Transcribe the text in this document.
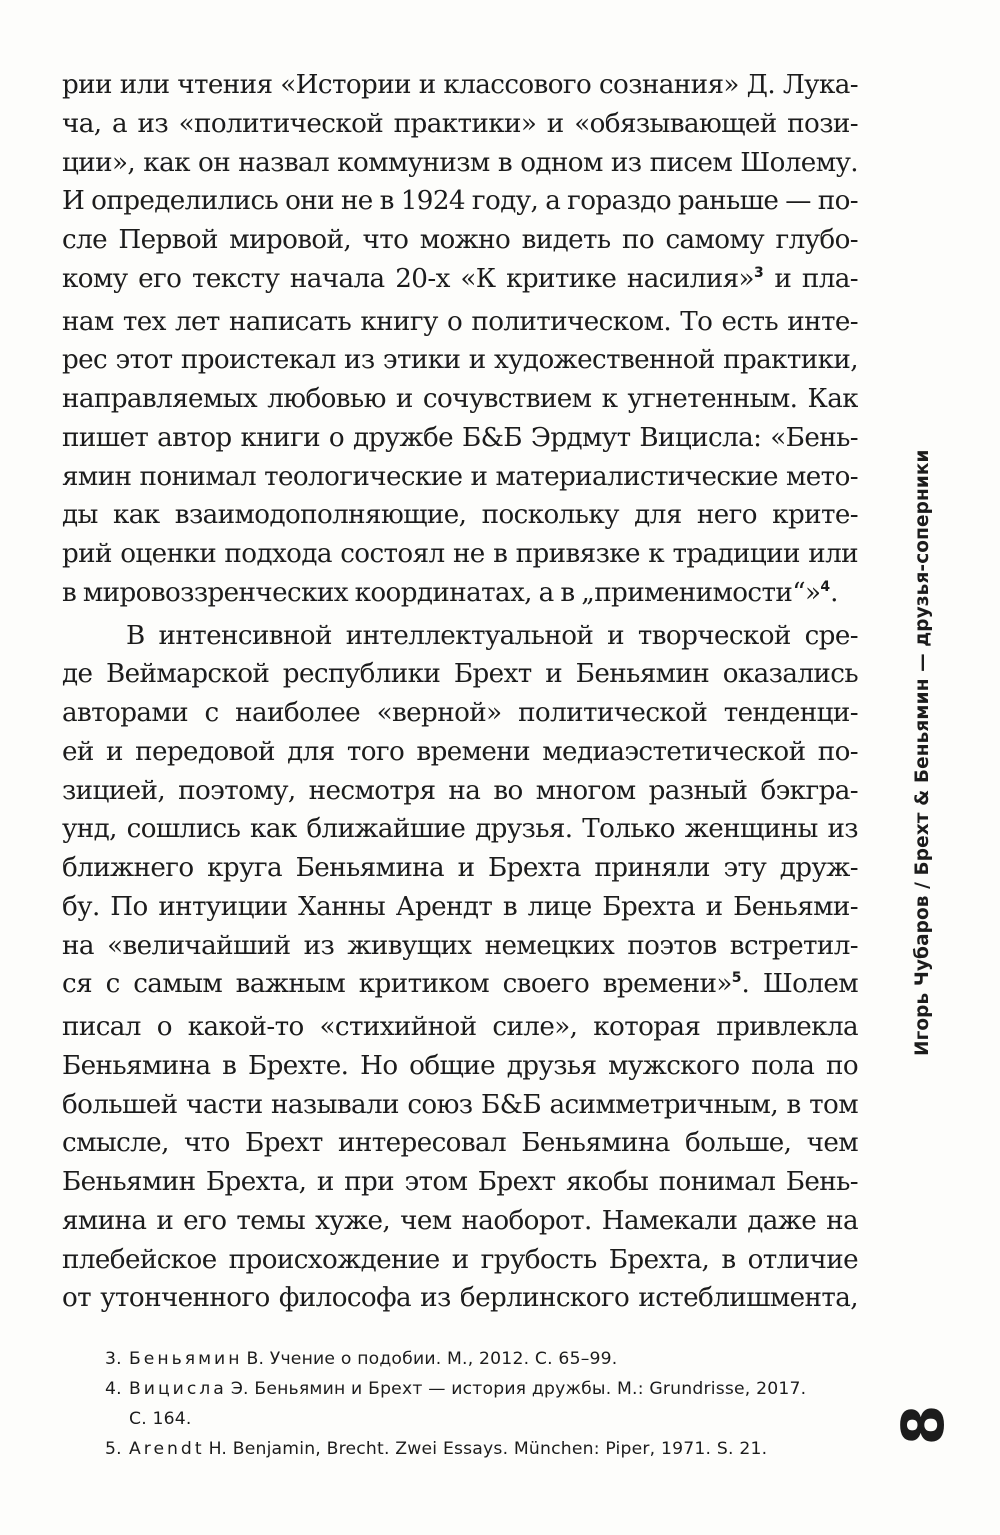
рии или чтения «Истории и классового сознания» Д. Лука-
ча, а из «политической практики» и «обязывающей пози-
ции», как он назвал коммунизм в одном из писем Шолему.
И определились они не в 1924 году, а гораздо раньше — по-
сле Первой мировой, что можно видеть по самому глубо-
кому его тексту начала 20-х «К критике насилия»$^3$ и пла-
нам тех лет написать книгу о политическом. То есть инте-
рес этот проистекал из этики и художественной практики,
направляемых любовью и сочувствием к угнетенным. Как
пишет автор книги о дружбе Б&Б Эрдмут Вицисла: «Бень-
ямин понимал теологические и материалистические мето-
ды как взаимодополняющие, поскольку для него крите-
рий оценки подхода состоял не в привязке к традиции или
в мировоззренческих координатах, а в „применимости“»$^4$.
В интенсивной интеллектуальной и творческой сре-
де Веймарской республики Брехт и Беньямин оказались
авторами с наиболее «верной» политической тенденци-
ей и передовой для того времени медиаэстетической по-
зицией, поэтому, несмотря на во многом разный бэкгра-
унд, сошлись как ближайшие друзья. Только женщины из
ближнего круга Беньямина и Брехта приняли эту друж-
бу. По интуиции Ханны Арендт в лице Брехта и Беньями-
на «величайший из живущих немецких поэтов встретил-
ся с самым важным критиком своего времени»$^5$. Шолем
писал о какой-то «стихийной силе», которая привлекла
Беньямина в Брехте. Но общие друзья мужского пола по
большей части называли союз Б&Б асимметричным, в том
смысле, что Брехт интересовал Беньямина больше, чем
Беньямин Брехта, и при этом Брехт якобы понимал Бень-
ямина и его темы хуже, чем наоборот. Намекали даже на
плебейское происхождение и грубость Брехта, в отличие
от утонченного философа из берлинского истеблишмента,
3. Беньямин В. Учение о подобии. М., 2012. С. 65–99.
4. Вицисла Э. Беньямин и Брехт — история дружбы. М.: Grundrisse, 2017.
С. 164.
5. Arendt H. Benjamin, Brecht. Zwei Essays. München: Piper, 1971. S. 21.
Игорь Чубаров / Брехт & Беньямин — друзья-соперники
8
